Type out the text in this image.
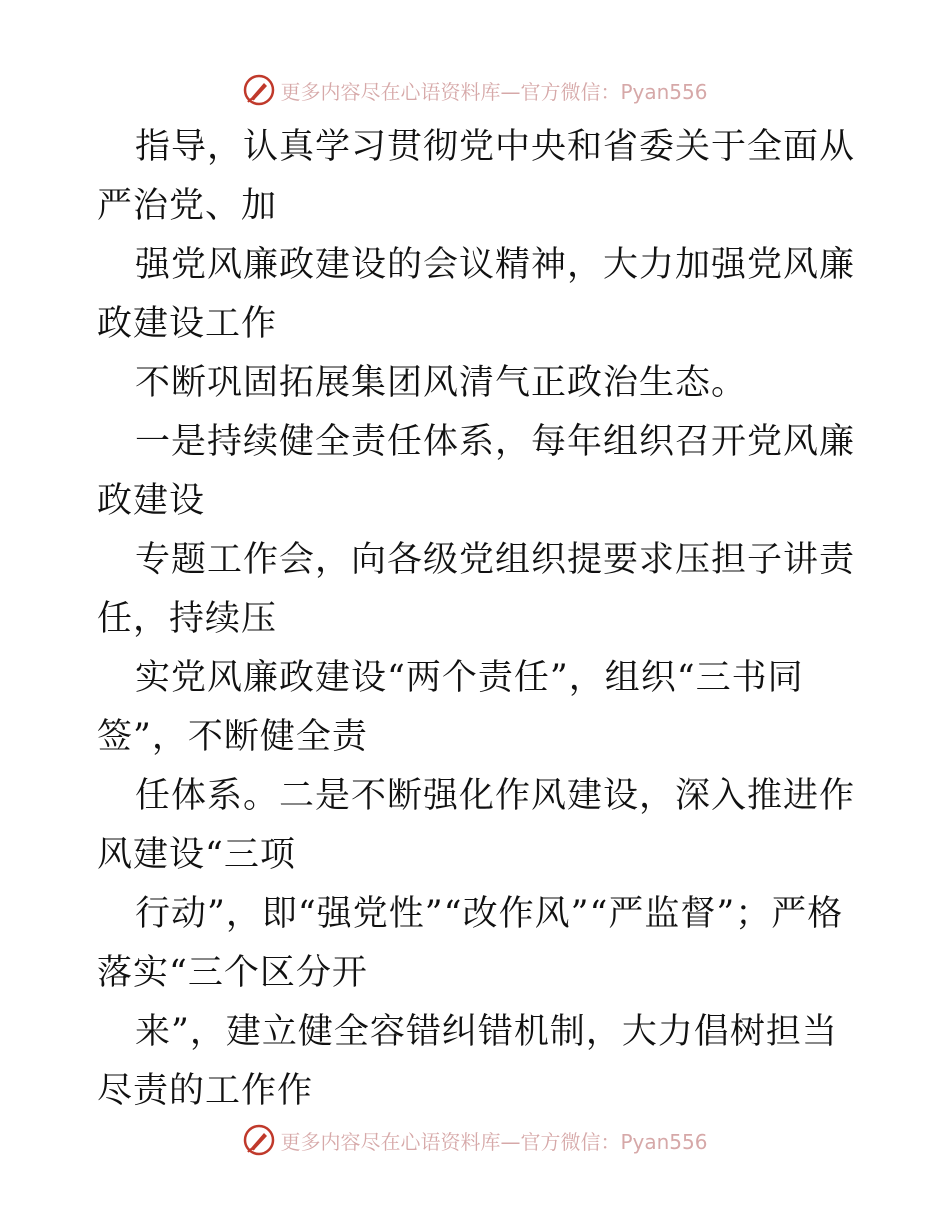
更多内容尽在心语资料库—官方微信：Pyan556

指导，认真学习贯彻党中央和省委关于全面从严治党、加

强党风廉政建设的会议精神，大力加强党风廉政建设工作

不断巩固拓展集团风清气正政治生态。

一是持续健全责任体系，每年组织召开党风廉政建设

专题工作会，向各级党组织提要求压担子讲责任，持续压

实党风廉政建设“两个责任”，组织“三书同签”，不断健全责

任体系。二是不断强化作风建设，深入推进作风建设“三项

行动”，即“强党性”“改作风”“严监督”；严格落实“三个区分开

来”，建立健全容错纠错机制，大力倡树担当尽责的工作作

更多内容尽在心语资料库—官方微信：Pyan556
